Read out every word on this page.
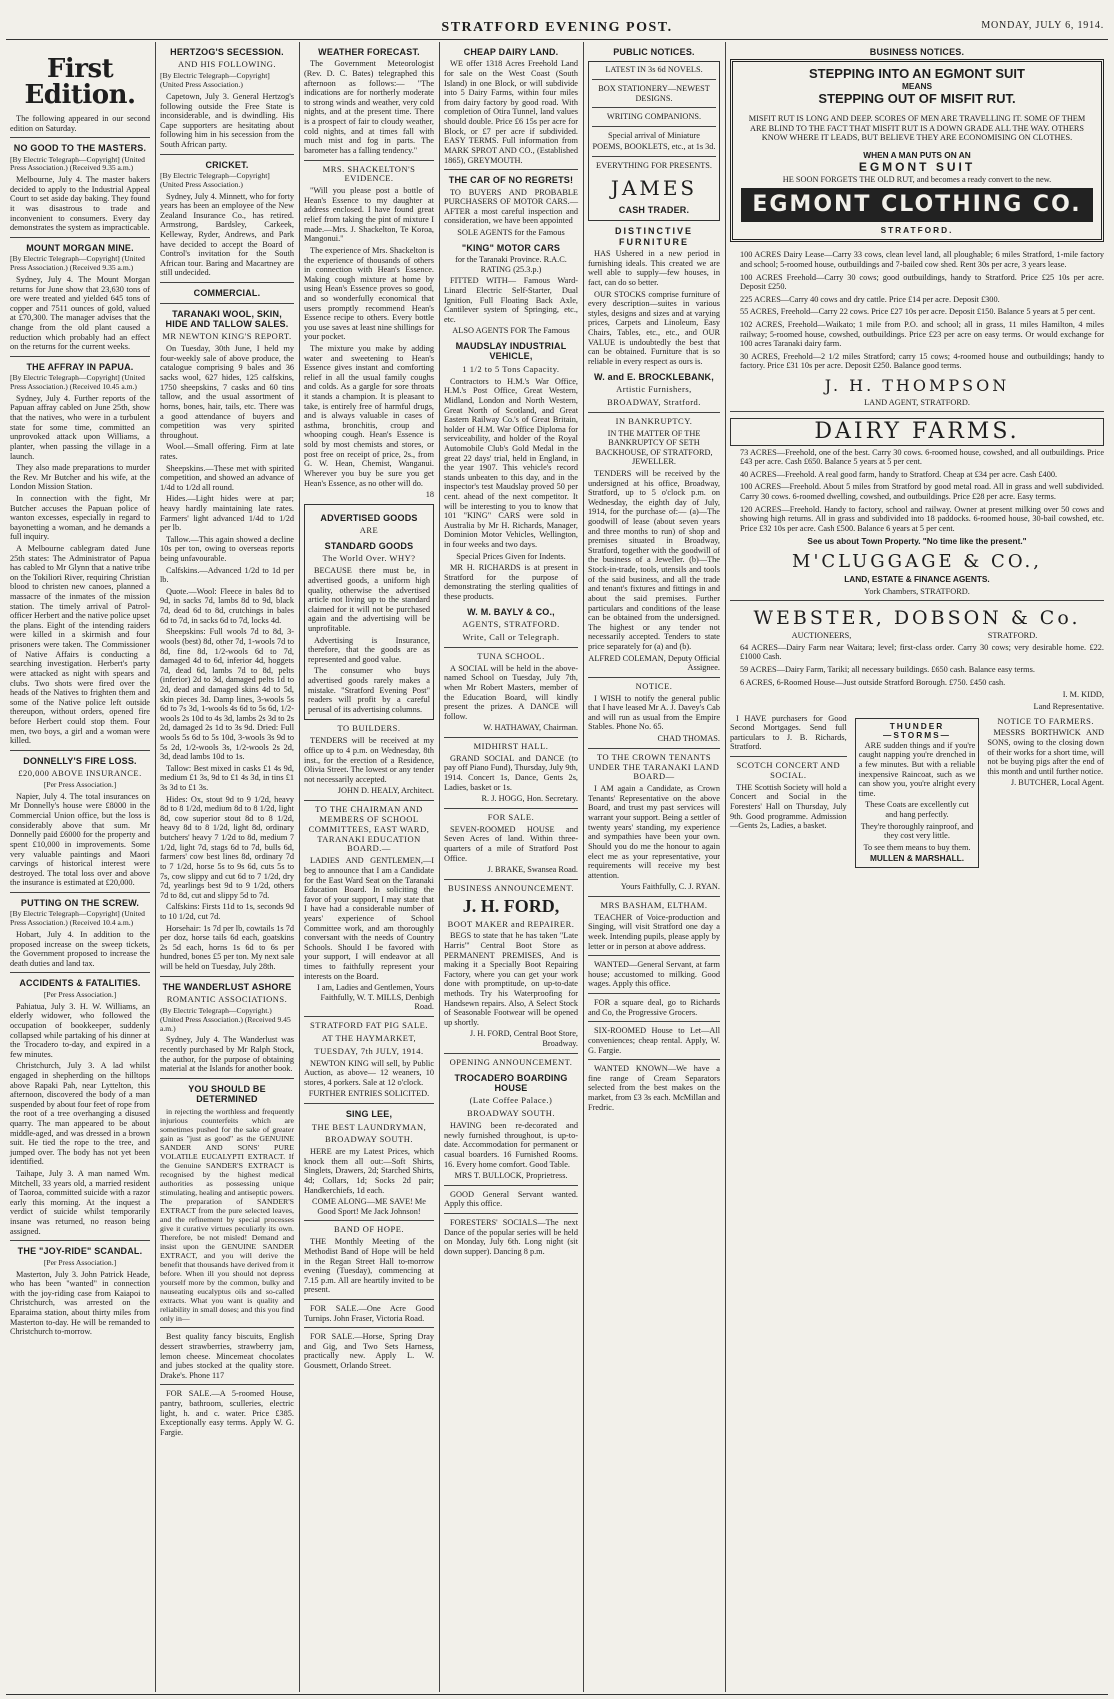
STRATFORD EVENING POST.	MONDAY, JULY 6, 1914.
First Edition.

The following appeared in our second edition on Saturday.

NO GOOD TO THE MASTERS.

[By Electric Telegraph—Copyright] (United Press Association.) (Received 9.35 a.m.)

Melbourne, July 4. The master bakers decided to apply to the Industrial Appeal Court to set aside day baking. They found it was disastrous to trade and inconvenient to consumers. Every day demonstrates the system as impracticable.

MOUNT MORGAN MINE.

[By Electric Telegraph—Copyright] (United Press Association.) (Received 9.35 a.m.)

Sydney, July 4. The Mount Morgan returns for June show that 23,630 tons of ore were treated and yielded 645 tons of copper and 7511 ounces of gold, valued at £70,300. The manager advises that the change from the old plant caused a reduction which probably had an effect on the returns for the current weeks.

THE AFFRAY IN PAPUA.

[By Electric Telegraph—Copyright] (United Press Association.) (Received 10.45 a.m.)

Sydney, July 4. Further reports of the Papuan affray cabled on June 25th, show that the natives, who were in a turbulent state for some time, committed an unprovoked attack upon Williams, a planter, when passing the village in a launch.

They also made preparations to murder the Rev. Mr Butcher and his wife, at the London Mission Station.

In connection with the fight, Mr Butcher accuses the Papuan police of wanton excesses, especially in regard to bayonetting a woman, and he demands a full inquiry.

A Melbourne cablegram dated June 25th states: The Administrator of Papua has cabled to Mr Glynn that a native tribe on the Tokiliori River, requiring Christian blood to christen new canoes, planned a massacre of the inmates of the mission station. The timely arrival of Patrol-officer Herbert and the native police upset the plans. Eight of the intending raiders were killed in a skirmish and four prisoners were taken. The Commissioner of Native Affairs is conducting a searching investigation. Herbert's party were attacked as night with spears and clubs. Two shots were fired over the heads of the Natives to frighten them and some of the Native police left outside thereupon, without orders, opened fire before Herbert could stop them. Four men, two boys, a girl and a woman were killed.

DONNELLY'S FIRE LOSS.
£20,000 ABOVE INSURANCE.

[Per Press Association.]

Napier, July 4. The total insurances on Mr Donnelly's house were £8000 in the Commercial Union office, but the loss is considerably above that sum. Mr Donnelly paid £6000 for the property and spent £10,000 in improvements. Some very valuable paintings and Maori carvings of historical interest were destroyed. The total loss over and above the insurance is estimated at £20,000.

PUTTING ON THE SCREW.

[By Electric Telegraph—Copyright] (United Press Association.) (Received 10.4 a.m.)

Hobart, July 4. In addition to the proposed increase on the sweep tickets, the Government proposed to increase the death duties and land tax.

ACCIDENTS & FATALITIES.

[Per Press Association.]

Pahiatua, July 3. H. W. Williams, an elderly widower, who followed the occupation of bookkeeper, suddenly collapsed while partaking of his dinner at the Trocadero to-day, and expired in a few minutes.

Christchurch, July 3. A lad whilst engaged in shepherding on the hilltops above Rapaki Pah, near Lyttelton, this afternoon, discovered the body of a man suspended by about four feet of rope from the root of a tree overhanging a disused quarry. The man appeared to be about middle-aged, and was dressed in a brown suit. He tied the rope to the tree, and jumped over. The body has not yet been identified.

Taihape, July 3. A man named Wm. Mitchell, 33 years old, a married resident of Taoroa, committed suicide with a razor early this morning. At the inquest a verdict of suicide whilst temporarily insane was returned, no reason being assigned.

THE "JOY-RIDE" SCANDAL.

[Per Press Association.]

Masterton, July 3. John Patrick Heade, who has been "wanted" in connection with the joy-riding case from Kaiapoi to Christchurch, was arrested on the Eparaima station, about thirty miles from Masterton to-day. He will be remanded to Christchurch to-morrow.

HERTZOG'S SECESSION.
AND HIS FOLLOWING.

[By Electric Telegraph—Copyright] (United Press Association.)

Capetown, July 3. General Hertzog's following outside the Free State is inconsiderable, and is dwindling. His Cape supporters are hesitating about following him in his secession from the South African party.

CRICKET.

[By Electric Telegraph—Copyright] (United Press Association.)

Sydney, July 4. Minnett, who for forty years has been an employee of the New Zealand Insurance Co., has retired. Armstrong, Bardsley, Carkeek, Kelleway, Ryder, Andrews, and Park have decided to accept the Board of Control's invitation for the South African tour. Baring and Macartney are still undecided.

COMMERCIAL.
TARANAKI WOOL, SKIN, HIDE AND TALLOW SALES.
MR NEWTON KING'S REPORT.

On Tuesday, 30th June, I held my four-weekly sale of above produce, the catalogue comprising 9 bales and 36 sacks wool, 627 hides, 125 calfskins, 1750 sheepskins, 7 casks and 60 tins tallow, and the usual assortment of horns, bones, hair, tails, etc. There was a good attendance of buyers and competition was very spirited throughout.

Wool.—Small offering. Firm at late rates.

Sheepskins.—These met with spirited competition, and showed an advance of 1/4d to 1/2d all round.

Hides.—Light hides were at par; heavy hardly maintaining late rates. Farmers' light advanced 1/4d to 1/2d per lb.

Tallow.—This again showed a decline 10s per ton, owing to overseas reports being unfavourable.

Calfskins.—Advanced 1/2d to 1d per lb.

Quote.—Wool: Fleece in bales 8d to 9d, in sacks 7d, lambs 8d to 9d, black 7d, dead 6d to 8d, crutchings in bales 6d to 7d, in sacks 6d to 7d, locks 4d.

Sheepskins: Full wools 7d to 8d, 3-wools (best) 8d, other 7d, 1-wools 7d to 8d, fine 8d, 1/2-wools 6d to 7d, damaged 4d to 6d, inferior 4d, hoggets 7d, dead 6d, lambs 7d to 8d, pelts (inferior) 2d to 3d, damaged pelts 1d to 2d, dead and damaged skins 4d to 5d, skin pieces 3d. Damp lines, 3-wools 5s 6d to 7s 3d, 1-wools 4s 6d to 5s 6d, 1/2-wools 2s 10d to 4s 3d, lambs 2s 3d to 2s 2d, damaged 2s 1d to 3s 9d. Dried: Full wools 5s 6d to 5s 10d, 3-wools 3s 9d to 5s 2d, 1/2-wools 3s, 1/2-wools 2s 2d, 3d, dead lambs 10d to 1s.

Tallow: Best mixed in casks £1 4s 9d, medium £1 3s, 9d to £1 4s 3d, in tins £1 3s 3d to £1 3s.

Hides: Ox, stout 9d to 9 1/2d, heavy 8d to 8 1/2d, medium 8d to 8 1/2d, light 8d, cow superior stout 8d to 8 1/2d, heavy 8d to 8 1/2d, light 8d, ordinary butchers' heavy 7 1/2d to 8d, medium 7 1/2d, light 7d, stags 6d to 7d, bulls 6d, farmers' cow best lines 8d, ordinary 7d to 7 1/2d, horse 5s to 9s 6d, cuts 5s to 7s, cow slippy and cut 6d to 7 1/2d, dry 7d, yearlings best 9d to 9 1/2d, others 7d to 8d, cut and slippy 5d to 7d.

Calfskins: Firsts 11d to 1s, seconds 9d to 10 1/2d, cut 7d.

Horsehair: 1s 7d per lb, cowtails 1s 7d per doz, horse tails 6d each, goatskins 2s 5d each, horns 1s 6d to 6s per hundred, bones £5 per ton. My next sale will be held on Tuesday, July 28th.

THE WANDERLUST ASHORE
ROMANTIC ASSOCIATIONS.

(By Electric Telegraph—Copyright.) (United Press Association.) (Received 9.45 a.m.)

Sydney, July 4. The Wanderlust was recently purchased by Mr Ralph Stock, the author, for the purpose of obtaining material at the Islands for another book.

YOU SHOULD BE DETERMINED

in rejecting the worthless and frequently injurious counterfeits which are sometimes pushed for the sake of greater gain as "just as good" as the GENUINE SANDER AND SONS' PURE VOLATILE EUCALYPTI EXTRACT. If the Genuine SANDER'S EXTRACT is recognised by the highest medical authorities as possessing unique stimulating, healing and antiseptic powers. The preparation of SANDER'S EXTRACT from the pure selected leaves, and the refinement by special processes give it curative virtues peculiarly its own. Therefore, be not misled! Demand and insist upon the GENUINE SANDER EXTRACT, and you will derive the benefit that thousands have derived from it before. When ill you should not depress yourself more by the common, bulky and nauseating eucalyptus oils and so-called extracts. What you want is quality and reliability in small doses; and this you find only in—

Best quality fancy biscuits, English dessert strawberries, strawberry jam, lemon cheese. Mincemeat chocolates and jubes stocked at the quality store. Drake's. Phone 117

FOR SALE.—A 5-roomed House, pantry, bathroom, sculleries, electric light, h. and c. water. Price £385. Exceptionally easy terms. Apply W. G. Fargie.

WEATHER FORECAST.

The Government Meteorologist (Rev. D. C. Bates) telegraphed this afternoon as follows:— "The indications are for northerly moderate to strong winds and weather, very cold nights, and at the present time. There is a prospect of fair to cloudy weather, cold nights, and at times fall with much mist and fog in parts. The barometer has a falling tendency."

MRS. SHACKELTON'S EVIDENCE.

"Will you please post a bottle of Hean's Essence to my daughter at address enclosed. I have found great relief from taking the pint of mixture I made.—Mrs. J. Shackelton, Te Koroa, Mangonui."

The experience of Mrs. Shackelton is the experience of thousands of others in connection with Hean's Essence. Making cough mixture at home by using Hean's Essence proves so good, and so wonderfully economical that users promptly recommend Hean's Essence recipe to others. Every bottle you use saves at least nine shillings for your pocket.

The mixture you make by adding water and sweetening to Hean's Essence gives instant and comforting relief in all the usual family coughs and colds. As a gargle for sore throats it stands a champion. It is pleasant to take, is entirely free of harmful drugs, and is always valuable in cases of asthma, bronchitis, croup and whooping cough. Hean's Essence is sold by most chemists and stores, or post free on receipt of price, 2s., from G. W. Hean, Chemist, Wanganui. Wherever you buy be sure you get Hean's Essence, as no other will do.

18

ADVERTISED GOODS
ARE
STANDARD GOODS
The World Over. WHY?

BECAUSE there must be, in advertised goods, a uniform high quality, otherwise the advertised article not living up to the standard claimed for it will not be purchased again and the advertising will be unprofitable.

Advertising is Insurance, therefore, that the goods are as represented and good value.

The consumer who buys advertised goods rarely makes a mistake. "Stratford Evening Post" readers will profit by a careful perusal of its advertising columns.

TO BUILDERS.

TENDERS will be received at my office up to 4 p.m. on Wednesday, 8th inst., for the erection of a Residence, Olivia Street. The lowest or any tender not necessarily accepted.

JOHN D. HEALY, Architect.

TO THE CHAIRMAN AND MEMBERS OF SCHOOL COMMITTEES, EAST WARD, TARANAKI EDUCATION BOARD.—

LADIES AND GENTLEMEN,—I beg to announce that I am a Candidate for the East Ward Seat on the Taranaki Education Board. In soliciting the favor of your support, I may state that I have had a considerable number of years' experience of School Committee work, and am thoroughly conversant with the needs of Country Schools. Should I be favored with your support, I will endeavor at all times to faithfully represent your interests on the Board.

I am, Ladies and Gentlemen, Yours Faithfully, W. T. MILLS, Denbigh Road.

STRATFORD FAT PIG SALE.
AT THE HAYMARKET,
TUESDAY, 7th JULY, 1914.

NEWTON KING will sell, by Public Auction, as above— 12 weaners, 10 stores, 4 porkers. Sale at 12 o'clock.

FURTHER ENTRIES SOLICITED.

SING LEE,
THE BEST LAUNDRYMAN,
BROADWAY SOUTH.

HERE are my Latest Prices, which knock them all out:—Soft Shirts, Singlets, Drawers, 2d; Starched Shirts, 4d; Collars, 1d; Socks 2d pair; Handkerchiefs, 1d each.

COME ALONG—ME SAVE! Me Good Sport! Me Jack Johnson!

BAND OF HOPE.

THE Monthly Meeting of the Methodist Band of Hope will be held in the Regan Street Hall to-morrow evening (Tuesday), commencing at 7.15 p.m. All are heartily invited to be present.

FOR SALE.—One Acre Good Turnips. John Fraser, Victoria Road.

FOR SALE.—Horse, Spring Dray and Gig, and Two Sets Harness, practically new. Apply L. W. Gousmett, Orlando Street.

CHEAP DAIRY LAND.

WE offer 1318 Acres Freehold Land for sale on the West Coast (South Island) in one Block, or will subdivide into 5 Dairy Farms, within four miles from dairy factory by good road. With completion of Otira Tunnel, land values should double. Price £6 15s per acre for Block, or £7 per acre if subdivided. EASY TERMS. Full information from MARK SPROT AND CO., (Established 1865), GREYMOUTH.

THE CAR OF NO REGRETS!

TO BUYERS AND PROBABLE PURCHASERS OF MOTOR CARS.— AFTER a most careful inspection and consideration, we have been appointed

SOLE AGENTS for the Famous

"KING" MOTOR CARS

for the Taranaki Province. R.A.C. RATING (25.3.p.)

FITTED WITH— Famous Ward-Linard Electric Self-Starter, Dual Ignition, Full Floating Back Axle, Cantilever system of Springing, etc., etc.

ALSO AGENTS FOR The Famous

MAUDSLAY INDUSTRIAL VEHICLE,
1 1/2 to 5 Tons Capacity.

Contractors to H.M.'s War Office, H.M.'s Post Office, Great Western, Midland, London and North Western, Great North of Scotland, and Great Eastern Railway Co.'s of Great Britain, holder of H.M. War Office Diploma for serviceability, and holder of the Royal Automobile Club's Gold Medal in the great 22 days' trial, held in England, in the year 1907. This vehicle's record stands unbeaten to this day, and in the inspector's test Maudslay proved 50 per cent. ahead of the next competitor. It will be interesting to you to know that 101 "KING" CARS were sold in Australia by Mr H. Richards, Manager, Dominion Motor Vehicles, Wellington, in four weeks and two days.

Special Prices Given for Indents.

MR H. RICHARDS is at present in Stratford for the purpose of demonstrating the sterling qualities of these products.

W. M. BAYLY & CO.,
AGENTS, STRATFORD.
Write, Call or Telegraph.
TUNA SCHOOL.

A SOCIAL will be held in the above-named School on Tuesday, July 7th, when Mr Robert Masters, member of the Education Board, will kindly present the prizes. A DANCE will follow.

W. HATHAWAY, Chairman.

MIDHIRST HALL.

GRAND SOCIAL and DANCE (to pay off Piano Fund), Thursday, July 9th, 1914. Concert 1s, Dance, Gents 2s, Ladies, basket or 1s.

R. J. HOGG, Hon. Secretary.

FOR SALE.

SEVEN-ROOMED HOUSE and Seven Acres of land. Within three-quarters of a mile of Stratford Post Office.

J. BRAKE, Swansea Road.

BUSINESS ANNOUNCEMENT.
J. H. FORD,
BOOT MAKER and REPAIRER.

BEGS to state that he has taken "Late Harris'" Central Boot Store as PERMANENT PREMISES, And is making it a Specially Boot Repairing Factory, where you can get your work done with promptitude, on up-to-date methods. Try his Waterproofing for Handsewn repairs. Also, A Select Stock of Seasonable Footwear will be opened up shortly.

J. H. FORD, Central Boot Store, Broadway.

OPENING ANNOUNCEMENT.
TROCADERO BOARDING HOUSE
(Late Coffee Palace.)
BROADWAY SOUTH.

HAVING been re-decorated and newly furnished throughout, is up-to-date. Accommodation for permanent or casual boarders. 16 Furnished Rooms. 16. Every home comfort. Good Table.

MRS T. BULLOCK, Proprietress.

GOOD General Servant wanted. Apply this office.

FORESTERS' SOCIALS—The next Dance of the popular series will be held on Monday, July 6th. Long night (sit down supper). Dancing 8 p.m.

PUBLIC NOTICES.

LATEST IN 3s 6d NOVELS.

BOX STATIONERY—NEWEST DESIGNS.

WRITING COMPANIONS.

Special arrival of Miniature

POEMS, BOOKLETS, etc., at 1s 3d.

EVERYTHING FOR PRESENTS.

JAMES
CASH TRADER.
DISTINCTIVE FURNITURE

HAS Ushered in a new period in furnishing ideals. This created we are well able to supply—few houses, in fact, can do so better.

OUR STOCKS comprise furniture of every description—suites in various styles, designs and sizes and at varying prices, Carpets and Linoleum, Easy Chairs, Tables, etc., etc., and OUR VALUE is undoubtedly the best that can be obtained. Furniture that is so reliable in every respect as ours is.

W. and E. BROCKLEBANK,
Artistic Furnishers,
BROADWAY, Stratford.
IN BANKRUPTCY.

IN THE MATTER OF THE BANKRUPTCY OF SETH BACKHOUSE, OF STRATFORD, JEWELLER.

TENDERS will be received by the undersigned at his office, Broadway, Stratford, up to 5 o'clock p.m. on Wednesday, the eighth day of July, 1914, for the purchase of:— (a)—The goodwill of lease (about seven years and three months to run) of shop and premises situated in Broadway, Stratford, together with the goodwill of the business of a Jeweller. (b)—The Stock-in-trade, tools, utensils and tools of the said business, and all the trade and tenant's fixtures and fittings in and about the said premises. Further particulars and conditions of the lease can be obtained from the undersigned. The highest or any tender not necessarily accepted. Tenders to state price separately for (a) and (b).

ALFRED COLEMAN, Deputy Official Assignee.

NOTICE.

I WISH to notify the general public that I have leased Mr A. J. Davey's Cab and will run as usual from the Empire Stables. Phone No. 65.

CHAD THOMAS.

TO THE CROWN TENANTS UNDER THE TARANAKI LAND BOARD—

I AM again a Candidate, as Crown Tenants' Representative on the above Board, and trust my past services will warrant your support. Being a settler of twenty years' standing, my experience and sympathies have been your own. Should you do me the honour to again elect me as your representative, your requirements will receive my best attention.

Yours Faithfully, C. J. RYAN.

MRS BASHAM, ELTHAM.

TEACHER of Voice-production and Singing, will visit Stratford one day a week. Intending pupils, please apply by letter or in person at above address.

WANTED—General Servant, at farm house; accustomed to milking. Good wages. Apply this office.

FOR a square deal, go to Richards and Co, the Progressive Grocers.

SIX-ROOMED House to Let—All conveniences; cheap rental. Apply, W. G. Fargie.

WANTED KNOWN—We have a fine range of Cream Separators selected from the best makes on the market, from £3 3s each. McMillan and Fredric.

BUSINESS NOTICES.
STEPPING INTO AN EGMONT SUIT
MEANS
STEPPING OUT OF MISFIT RUT.

MISFIT RUT IS LONG AND DEEP. SCORES OF MEN ARE TRAVELLING IT. SOME OF THEM ARE BLIND TO THE FACT THAT MISFIT RUT IS A DOWN GRADE ALL THE WAY. OTHERS KNOW WHERE IT LEADS, BUT BELIEVE THEY ARE ECONOMISING ON CLOTHES.

WHEN A MAN PUTS ON AN
EGMONT SUIT

HE SOON FORGETS THE OLD RUT, and becomes a ready convert to the new.

EGMONT CLOTHING CO.
STRATFORD.

100 ACRES Dairy Lease—Carry 33 cows, clean level land, all ploughable; 6 miles Stratford, 1-mile factory and school; 5-roomed house, outbuildings and 7-bailed cow shed. Rent 30s per acre, 3 years lease.

100 ACRES Freehold—Carry 30 cows; good outbuildings, handy to Stratford. Price £25 10s per acre. Deposit £250.

225 ACRES—Carry 40 cows and dry cattle. Price £14 per acre. Deposit £300.

55 ACRES, Freehold—Carry 22 cows. Price £27 10s per acre. Deposit £150. Balance 5 years at 5 per cent.

102 ACRES, Freehold—Waikato; 1 mile from P.O. and school; all in grass, 11 miles Hamilton, 4 miles railway; 5-roomed house, cowshed, outbuildings. Price £23 per acre on easy terms. Or would exchange for 100 acres Taranaki dairy farm.

30 ACRES, Freehold—2 1/2 miles Stratford; carry 15 cows; 4-roomed house and outbuildings; handy to factory. Price £31 10s per acre. Deposit £250. Balance good terms.

J. H. THOMPSON

LAND AGENT, STRATFORD.

DAIRY FARMS.

73 ACRES—Freehold, one of the best. Carry 30 cows. 6-roomed house, cowshed, and all outbuildings. Price £43 per acre. Cash £650. Balance 5 years at 5 per cent.

40 ACRES—Freehold. A real good farm, handy to Stratford. Cheap at £34 per acre. Cash £400.

100 ACRES—Freehold. About 5 miles from Stratford by good metal road. All in grass and well subdivided. Carry 30 cows. 6-roomed dwelling, cowshed, and outbuildings. Price £28 per acre. Easy terms.

120 ACRES—Freehold. Handy to factory, school and railway. Owner at present milking over 50 cows and showing high returns. All in grass and subdivided into 18 paddocks. 6-roomed house, 30-bail cowshed, etc. Price £32 10s per acre. Cash £500. Balance 6 years at 5 per cent.

See us about Town Property. "No time like the present."

M'CLUGGAGE & CO.,

LAND, ESTATE & FINANCE AGENTS.

York Chambers, STRATFORD.

WEBSTER, DOBSON & Co.
AUCTIONEERS,	STRATFORD.

64 ACRES—Dairy Farm near Waitara; level; first-class order. Carry 30 cows; very desirable home. £22. £1000 Cash.

59 ACRES—Dairy Farm, Tariki; all necessary buildings. £650 cash. Balance easy terms.

6 ACRES, 6-Roomed House—Just outside Stratford Borough. £750. £450 cash.

I. M. KIDD,

Land Representative.

I HAVE purchasers for Good Second Mortgages. Send full particulars to J. B. Richards, Stratford.

SCOTCH CONCERT AND SOCIAL.

THE Scottish Society will hold a Concert and Social in the Foresters' Hall on Thursday, July 9th. Good programme. Admission—Gents 2s, Ladies, a basket.

THUNDER
—STORMS—

ARE sudden things and if you're caught napping you're drenched in a few minutes. But with a reliable inexpensive Raincoat, such as we can show you, you're alright every time.

These Coats are excellently cut and hang perfectly.

They're thoroughly rainproof, and they cost very little.

To see them means to buy them.

MULLEN & MARSHALL.
NOTICE TO FARMERS.

MESSRS BORTHWICK AND SONS, owing to the closing down of their works for a short time, will not be buying pigs after the end of this month and until further notice.

J. BUTCHER, Local Agent.
